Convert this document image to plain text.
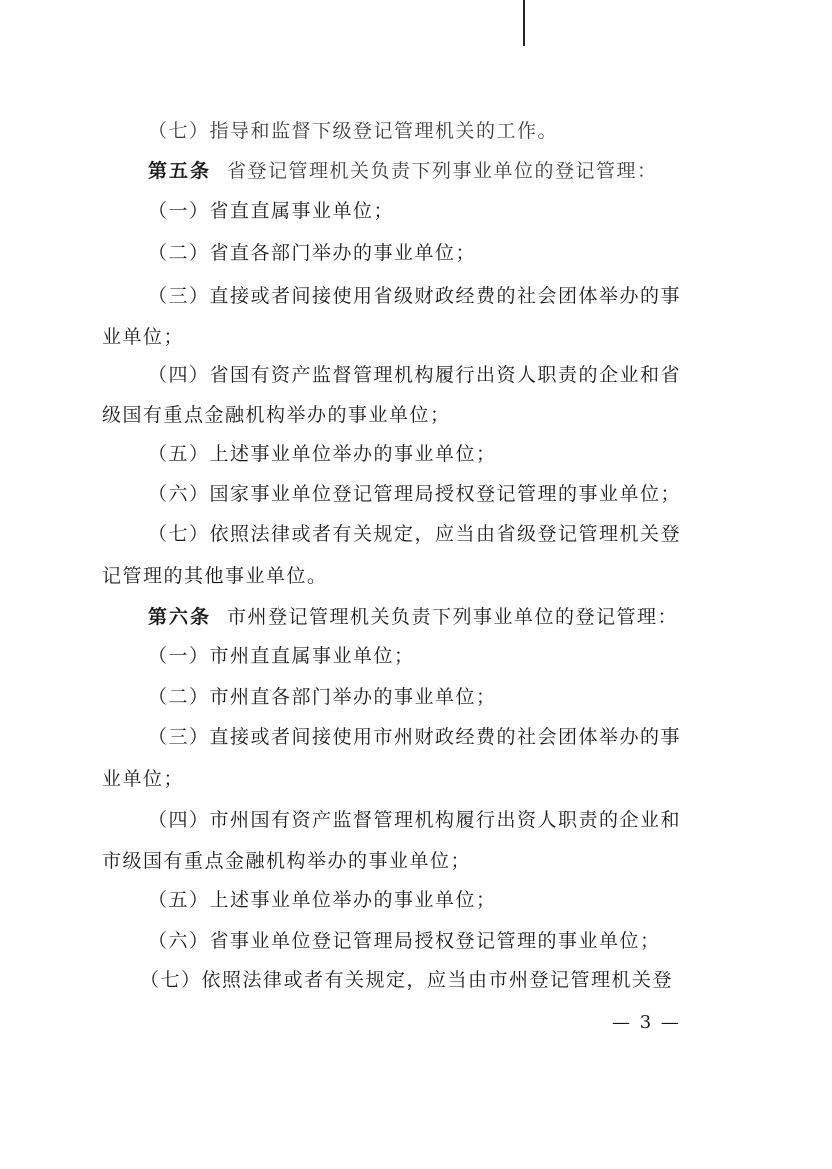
（七）指导和监督下级登记管理机关的工作。
第五条 省登记管理机关负责下列事业单位的登记管理：
（一）省直直属事业单位；
（二）省直各部门举办的事业单位；
（三）直接或者间接使用省级财政经费的社会团体举办的事
业单位；
（四）省国有资产监督管理机构履行出资人职责的企业和省
级国有重点金融机构举办的事业单位；
（五）上述事业单位举办的事业单位；
（六）国家事业单位登记管理局授权登记管理的事业单位；
（七）依照法律或者有关规定，应当由省级登记管理机关登
记管理的其他事业单位。
第六条 市州登记管理机关负责下列事业单位的登记管理：
（一）市州直直属事业单位；
（二）市州直各部门举办的事业单位；
（三）直接或者间接使用市州财政经费的社会团体举办的事
业单位；
（四）市州国有资产监督管理机构履行出资人职责的企业和
市级国有重点金融机构举办的事业单位；
（五）上述事业单位举办的事业单位；
（六）省事业单位登记管理局授权登记管理的事业单位；
（七）依照法律或者有关规定，应当由市州登记管理机关登
— 3 —
